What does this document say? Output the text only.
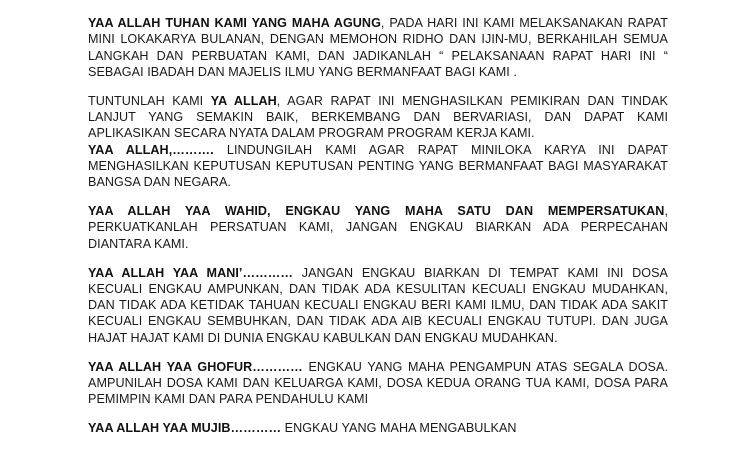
YAA ALLAH TUHAN KAMI YANG MAHA AGUNG, PADA HARI INI KAMI MELAKSANAKAN RAPAT MINI LOKAKARYA BULANAN, DENGAN MEMOHON RIDHO DAN IJIN-MU, BERKAHILAH SEMUA LANGKAH DAN PERBUATAN KAMI, DAN JADIKANLAH “ PELAKSANAAN RAPAT HARI INI “ SEBAGAI IBADAH DAN MAJELIS ILMU YANG BERMANFAAT BAGI KAMI .

TUNTUNLAH KAMI YA ALLAH, AGAR RAPAT INI MENGHASILKAN PEMIKIRAN DAN TINDAK LANJUT YANG SEMAKIN BAIK, BERKEMBANG DAN BERVARIASI, DAN DAPAT KAMI APLIKASIKAN SECARA NYATA DALAM PROGRAM PROGRAM KERJA KAMI.

YAA ALLAH,………. LINDUNGILAH KAMI AGAR RAPAT MINILOKA KARYA INI DAPAT MENGHASILKAN KEPUTUSAN KEPUTUSAN PENTING YANG BERMANFAAT BAGI MASYARAKAT BANGSA DAN NEGARA.

YAA ALLAH YAA WAHID, ENGKAU YANG MAHA SATU DAN MEMPERSATUKAN, PERKUATKANLAH PERSATUAN KAMI, JANGAN ENGKAU BIARKAN ADA PERPECAHAN DIANTARA KAMI.

YAA ALLAH YAA MANI’………… JANGAN ENGKAU BIARKAN DI TEMPAT KAMI INI DOSA KECUALI ENGKAU AMPUNKAN, DAN TIDAK ADA KESULITAN KECUALI ENGKAU MUDAHKAN, DAN TIDAK ADA KETIDAK TAHUAN KECUALI ENGKAU BERI KAMI ILMU, DAN TIDAK ADA SAKIT KECUALI ENGKAU SEMBUHKAN, DAN TIDAK ADA AIB KECUALI ENGKAU TUTUPI. DAN JUGA HAJAT HAJAT KAMI DI DUNIA ENGKAU KABULKAN DAN ENGKAU MUDAHKAN.

YAA ALLAH YAA GHOFUR………… ENGKAU YANG MAHA PENGAMPUN ATAS SEGALA DOSA. AMPUNILAH DOSA KAMI DAN KELUARGA KAMI, DOSA KEDUA ORANG TUA KAMI, DOSA PARA PEMIMPIN KAMI DAN PARA PENDAHULU KAMI

YAA ALLAH YAA MUJIB………… ENGKAU YANG MAHA MENGABULKAN
